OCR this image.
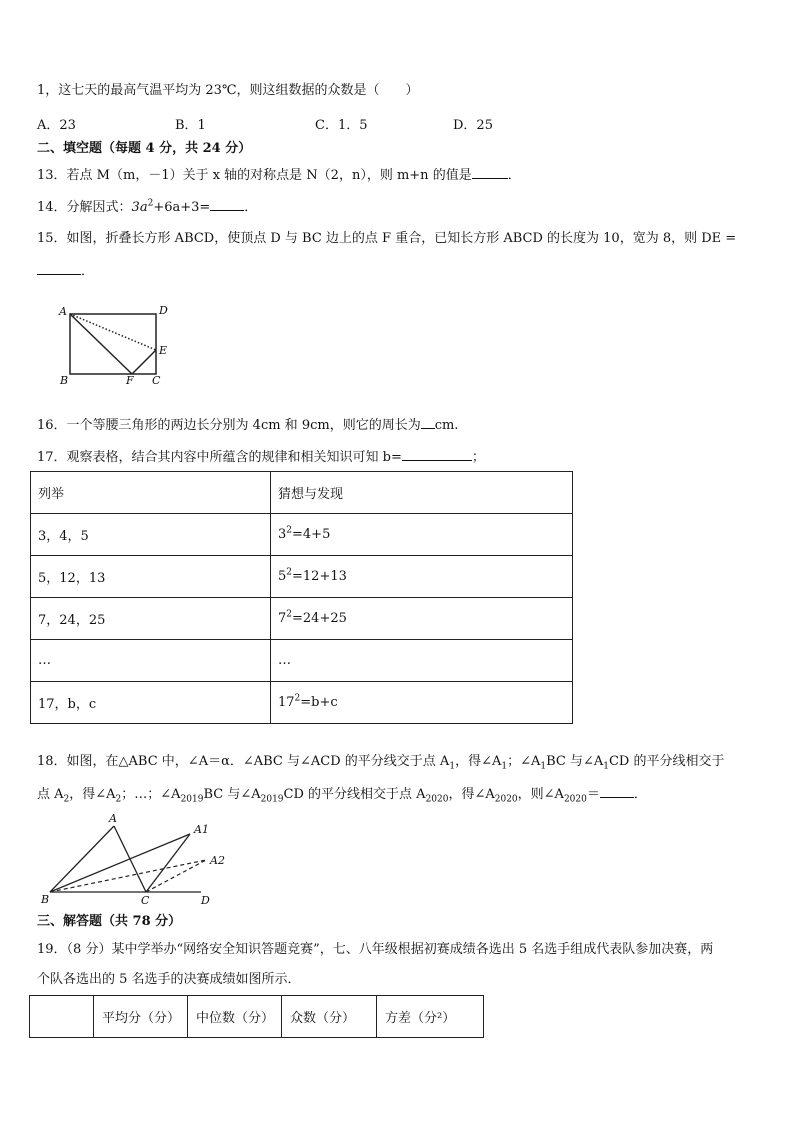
1，这七天的最高气温平均为 23℃，则这组数据的众数是（　　）
A．23	B．1	C．1．5	D．25
二、填空题（每题 4 分，共 24 分）
13．若点 M（m，－1）关于 x 轴的对称点是 N（2，n），则 m+n 的值是	．
14．分解因式：$3a^2+6a+3=$	．
15．如图，折叠长方形 ABCD，使顶点 D 与 BC 边上的点 F 重合，已知长方形 ABCD 的长度为 10，宽为 8，则 DE =
．
A	D
E
B	F C
16．一个等腰三角形的两边长分别为 4cm 和 9cm，则它的周长为 cm.
17．观察表格，结合其内容中所蕴含的规律和相关知识可知 b=	；
列举	猜想与发现
3，4，5	$3^2=4+5$
5，12，13	$5^2=12+13$
7，24，25	$7^2=24+25$
…	…
17，b，c	$17^2=b+c$
18．如图，在△ABC 中，∠A＝α．∠ABC 与∠ACD 的平分线交于点 $A_1$，得$\angle A_1$；$\angle A_1BC$ 与$\angle A_1CD$ 的平分线相交于
点 $A_2$，得$\angle A_2$；…；$\angle A_{2019}BC$ 与$\angle A_{2019}CD$ 的平分线相交于点 $A_{2020}$，得$\angle A_{2020}$，则$\angle A_{2020}=$	．
A
A1
A2
B	C	D
三、解答题（共 78 分）
19．（8 分）某中学举办“网络安全知识答题竞赛”，七、八年级根据初赛成绩各选出 5 名选手组成代表队参加决赛，两
个队各选出的 5 名选手的决赛成绩如图所示．
	平均分（分）	中位数（分）	众数（分）	方差（分²）
